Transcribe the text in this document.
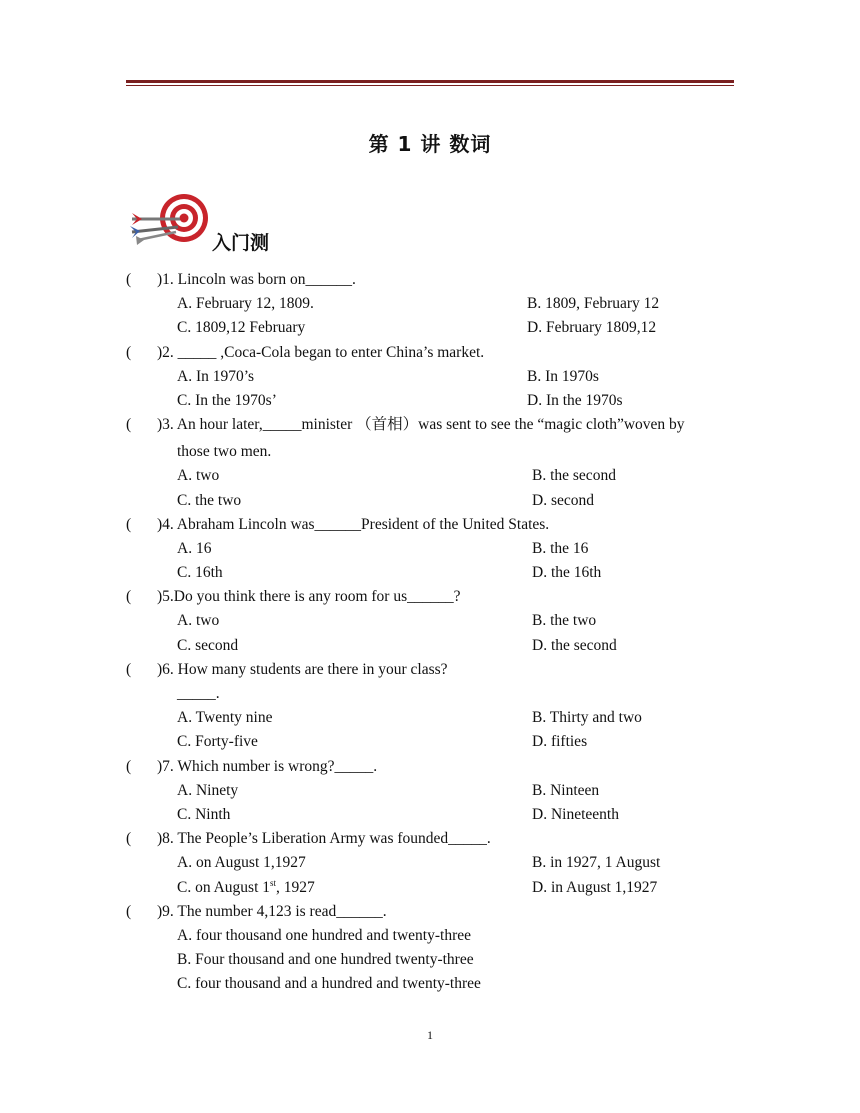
第 1 讲 数词
入门测
( )1. Lincoln was born on______.
A. February 12, 1809.	B. 1809, February 12
C. 1809,12 February	D. February 1809,12
( )2. _____ ,Coca-Cola began to enter China’s market.
A. In 1970’s	B. In 1970s
C. In the 1970s’	D. In the 1970s
( )3. An hour later,_____minister （首相）was sent to see the “magic cloth”woven by
those two men.
A. two	B. the second
C. the two	D. second
( )4. Abraham Lincoln was______President of the United States.
A. 16	B. the 16
C. 16th	D. the 16th
( )5.Do you think there is any room for us______?
A. two	B. the two
C. second	D. the second
( )6. How many students are there in your class?
_____.
A. Twenty nine	B. Thirty and two
C. Forty-five	D. fifties
( )7. Which number is wrong?_____.
A. Ninety	B. Ninteen
C. Ninth	D. Nineteenth
( )8. The People’s Liberation Army was founded_____.
A. on August 1,1927	B. in 1927, 1 August
C. on August 1st, 1927	D. in August 1,1927
( )9. The number 4,123 is read______.
A. four thousand one hundred and twenty-three
B. Four thousand and one hundred twenty-three
C. four thousand and a hundred and twenty-three
1
